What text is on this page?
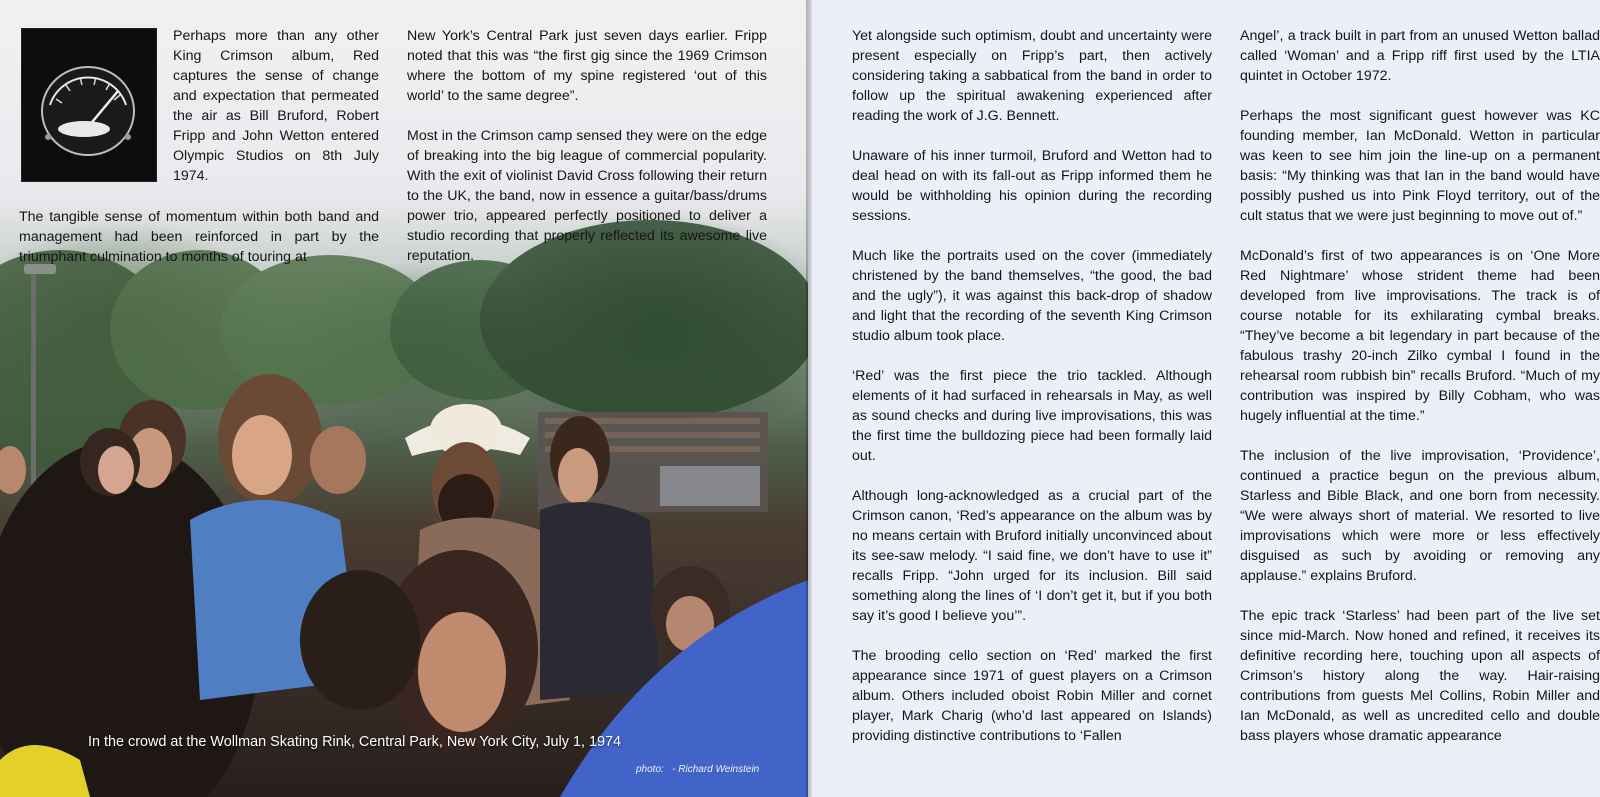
Perhaps more than any other King Crimson album, Red captures the sense of change and expectation that permeated the air as Bill Bruford, Robert Fripp and John Wetton entered Olympic Studios on 8th July 1974.

The tangible sense of momentum within both band and management had been reinforced in part by the triumphant culmination to months of touring at

New York’s Central Park just seven days earlier. Fripp noted that this was “the first gig since the 1969 Crimson where the bottom of my spine registered ‘out of this world’ to the same degree”.

Most in the Crimson camp sensed they were on the edge of breaking into the big league of commercial popularity. With the exit of violinist David Cross following their return to the UK, the band, now in essence a guitar/bass/drums power trio, appeared perfectly positioned to deliver a studio recording that properly reflected its awesome live reputation.

In the crowd at the Wollman Skating Rink, Central Park, New York City, July 1, 1974
photo: - Richard Weinstein

Yet alongside such optimism, doubt and uncertainty were present especially on Fripp’s part, then actively considering taking a sabbatical from the band in order to follow up the spiritual awakening experienced after reading the work of J.G. Bennett.

Unaware of his inner turmoil, Bruford and Wetton had to deal head on with its fall-out as Fripp informed them he would be withholding his opinion during the recording sessions.

Much like the portraits used on the cover (immediately christened by the band themselves, “the good, the bad and the ugly”), it was against this back-drop of shadow and light that the recording of the seventh King Crimson studio album took place.

‘Red’ was the first piece the trio tackled. Although elements of it had surfaced in rehearsals in May, as well as sound checks and during live improvisations, this was the first time the bulldozing piece had been formally laid out.

Although long-acknowledged as a crucial part of the Crimson canon, ‘Red’s appearance on the album was by no means certain with Bruford initially unconvinced about its see-saw melody. “I said fine, we don’t have to use it” recalls Fripp. “John urged for its inclusion. Bill said something along the lines of ‘I don’t get it, but if you both say it’s good I believe you’”.

The brooding cello section on ‘Red’ marked the first appearance since 1971 of guest players on a Crimson album. Others included oboist Robin Miller and cornet player, Mark Charig (who’d last appeared on Islands) providing distinctive contributions to ‘Fallen

Angel’, a track built in part from an unused Wetton ballad called ‘Woman’ and a Fripp riff first used by the LTIA quintet in October 1972.

Perhaps the most significant guest however was KC founding member, Ian McDonald. Wetton in particular was keen to see him join the line-up on a permanent basis: “My thinking was that Ian in the band would have possibly pushed us into Pink Floyd territory, out of the cult status that we were just beginning to move out of.”

McDonald’s first of two appearances is on ‘One More Red Nightmare’ whose strident theme had been developed from live improvisations. The track is of course notable for its exhilarating cymbal breaks. “They’ve become a bit legendary in part because of the fabulous trashy 20-inch Zilko cymbal I found in the rehearsal room rubbish bin” recalls Bruford. “Much of my contribution was inspired by Billy Cobham, who was hugely influential at the time.”

The inclusion of the live improvisation, ‘Providence’, continued a practice begun on the previous album, Starless and Bible Black, and one born from necessity. “We were always short of material. We resorted to live improvisations which were more or less effectively disguised as such by avoiding or removing any applause.” explains Bruford.

The epic track ‘Starless’ had been part of the live set since mid-March. Now honed and refined, it receives its definitive recording here, touching upon all aspects of Crimson’s history along the way. Hair-raising contributions from guests Mel Collins, Robin Miller and Ian McDonald, as well as uncredited cello and double bass players whose dramatic appearance
